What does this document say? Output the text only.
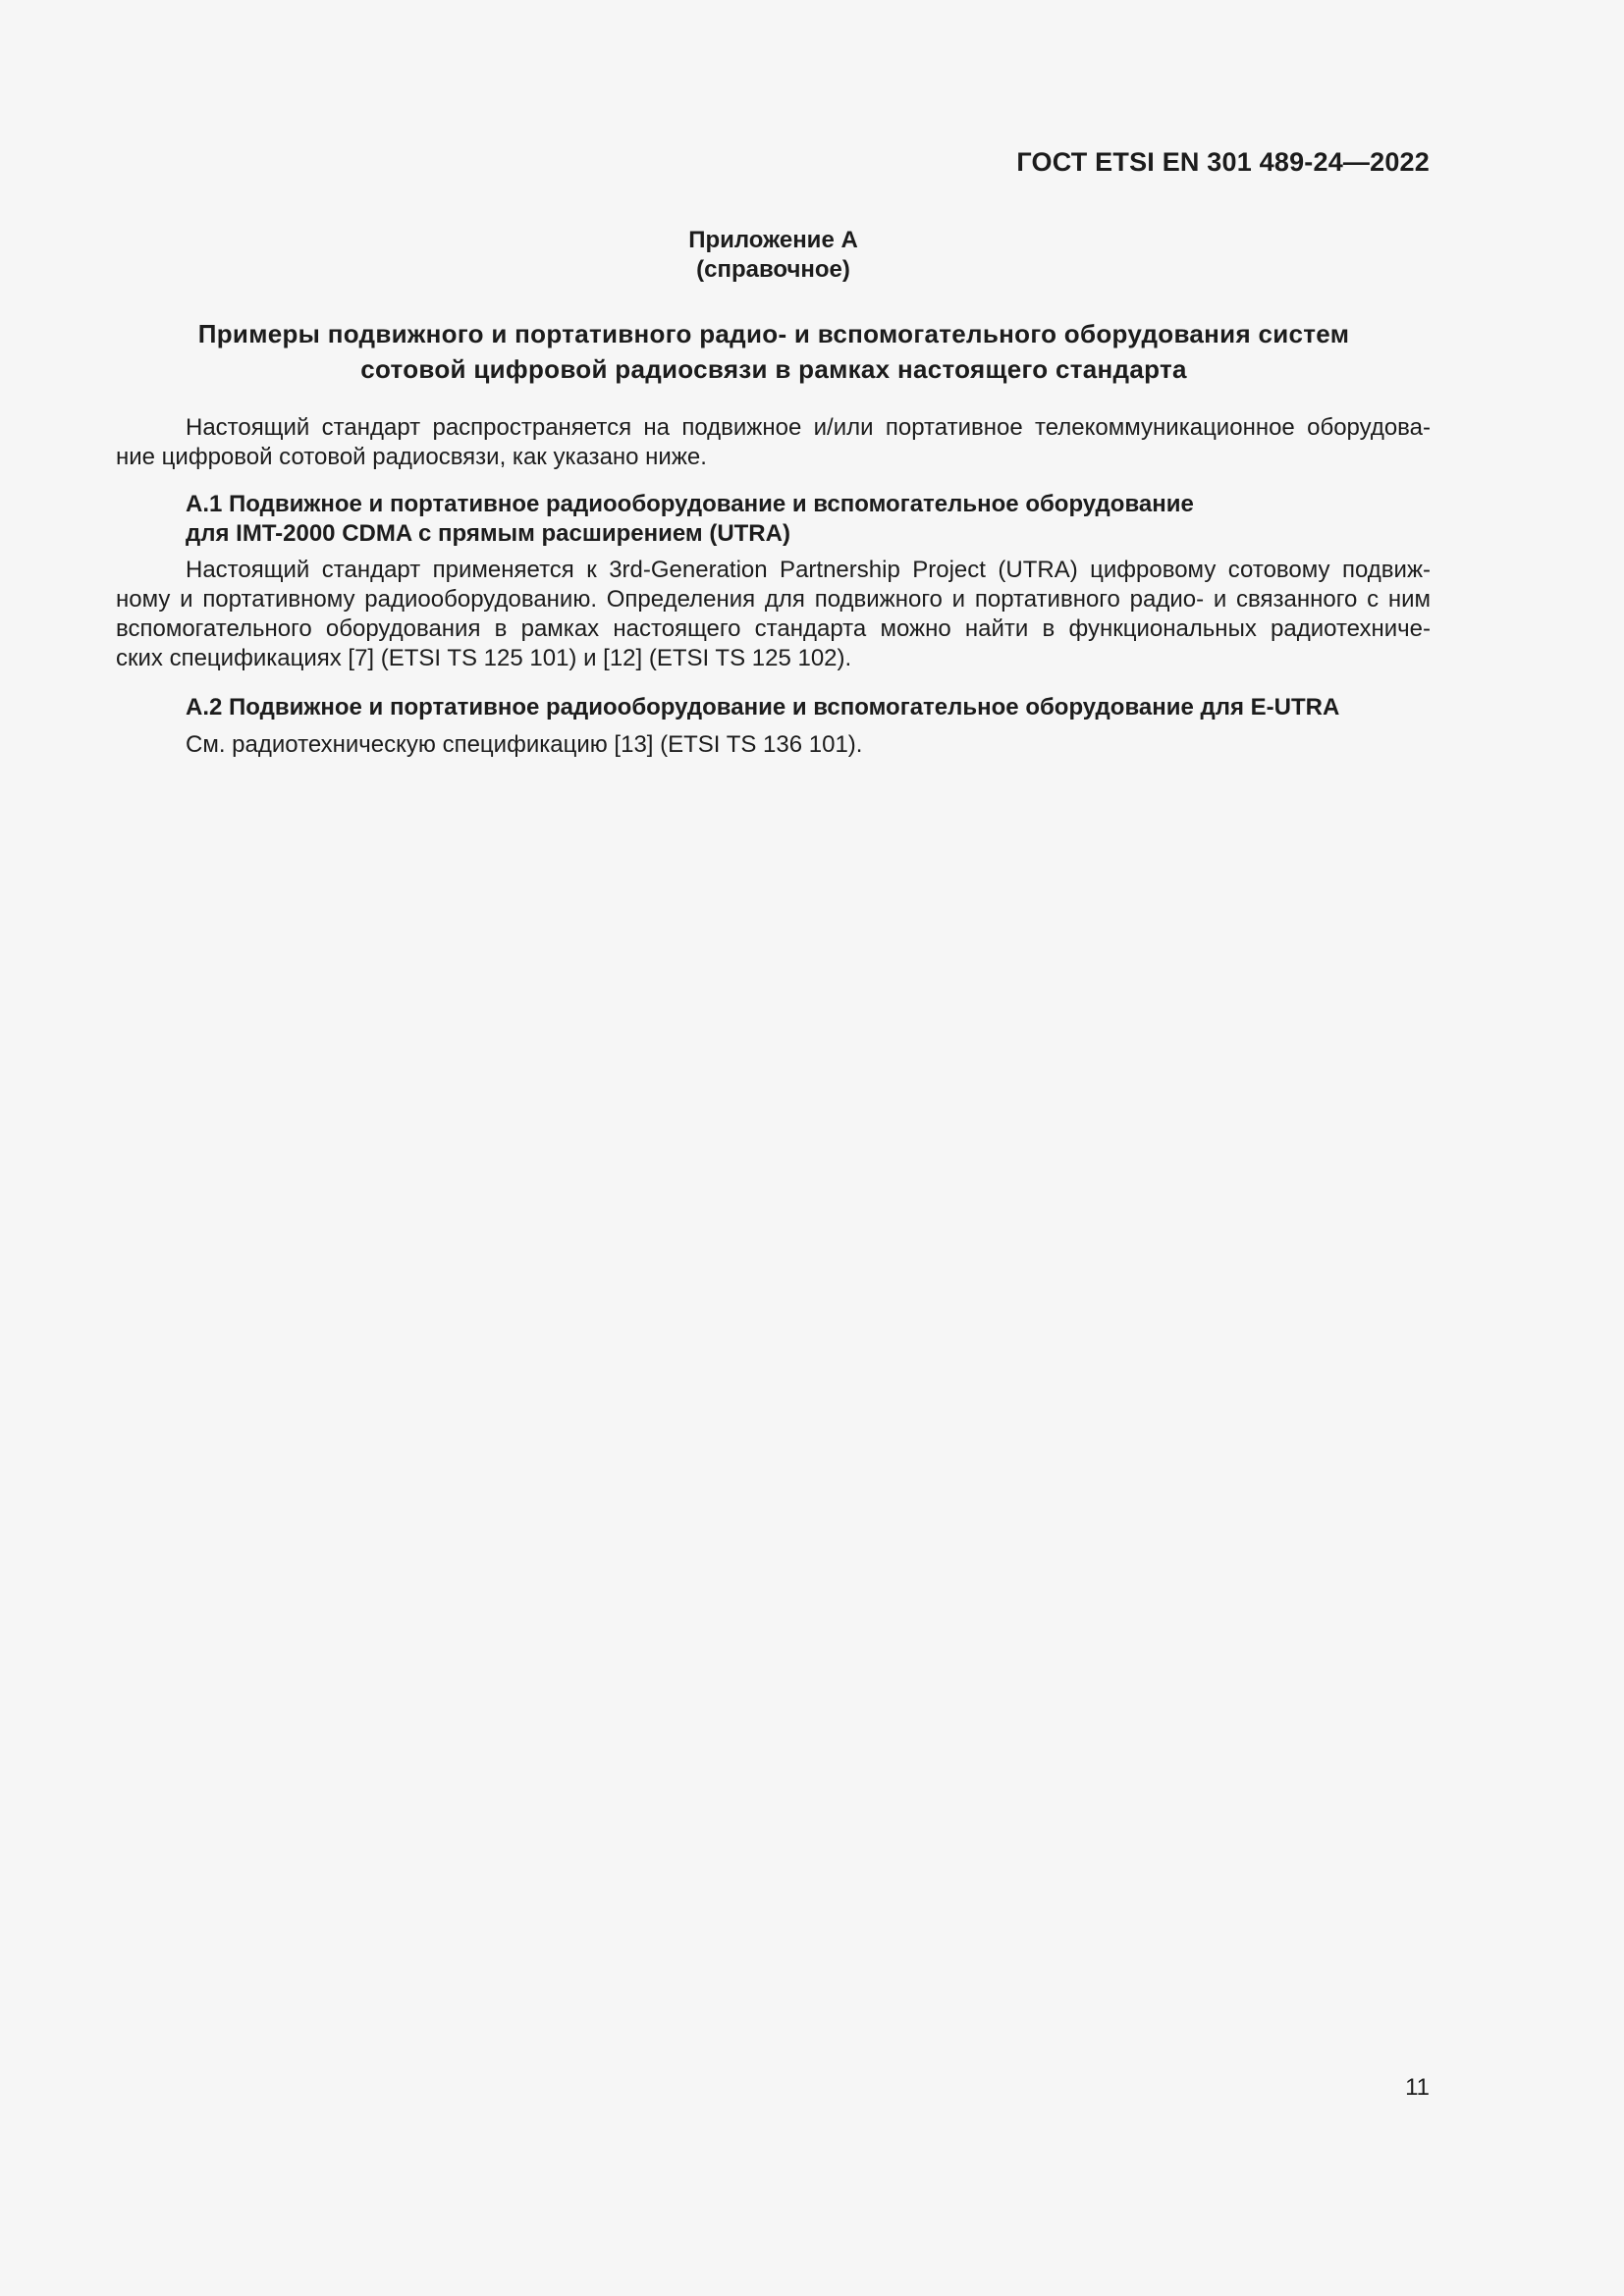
ГОСТ ETSI EN 301 489-24—2022
Приложение А
(справочное)
Примеры подвижного и портативного радио- и вспомогательного оборудования систем
сотовой цифровой радиосвязи в рамках настоящего стандарта
Настоящий стандарт распространяется на подвижное и/или портативное телекоммуникационное оборудова-
ние цифровой сотовой радиосвязи, как указано ниже.
А.1 Подвижное и портативное радиооборудование и вспомогательное оборудование
для IMT-2000 CDMA с прямым расширением (UTRA)
Настоящий стандарт применяется к 3rd-Generation Partnership Project (UTRA) цифровому сотовому подвиж-
ному и портативному радиооборудованию. Определения для подвижного и портативного радио- и связанного с ним
вспомогательного оборудования в рамках настоящего стандарта можно найти в функциональных радиотехниче-
ских спецификациях [7] (ETSI TS 125 101) и [12] (ETSI TS 125 102).
А.2 Подвижное и портативное радиооборудование и вспомогательное оборудование для E-UTRA
См. радиотехническую спецификацию [13] (ETSI TS 136 101).
11
